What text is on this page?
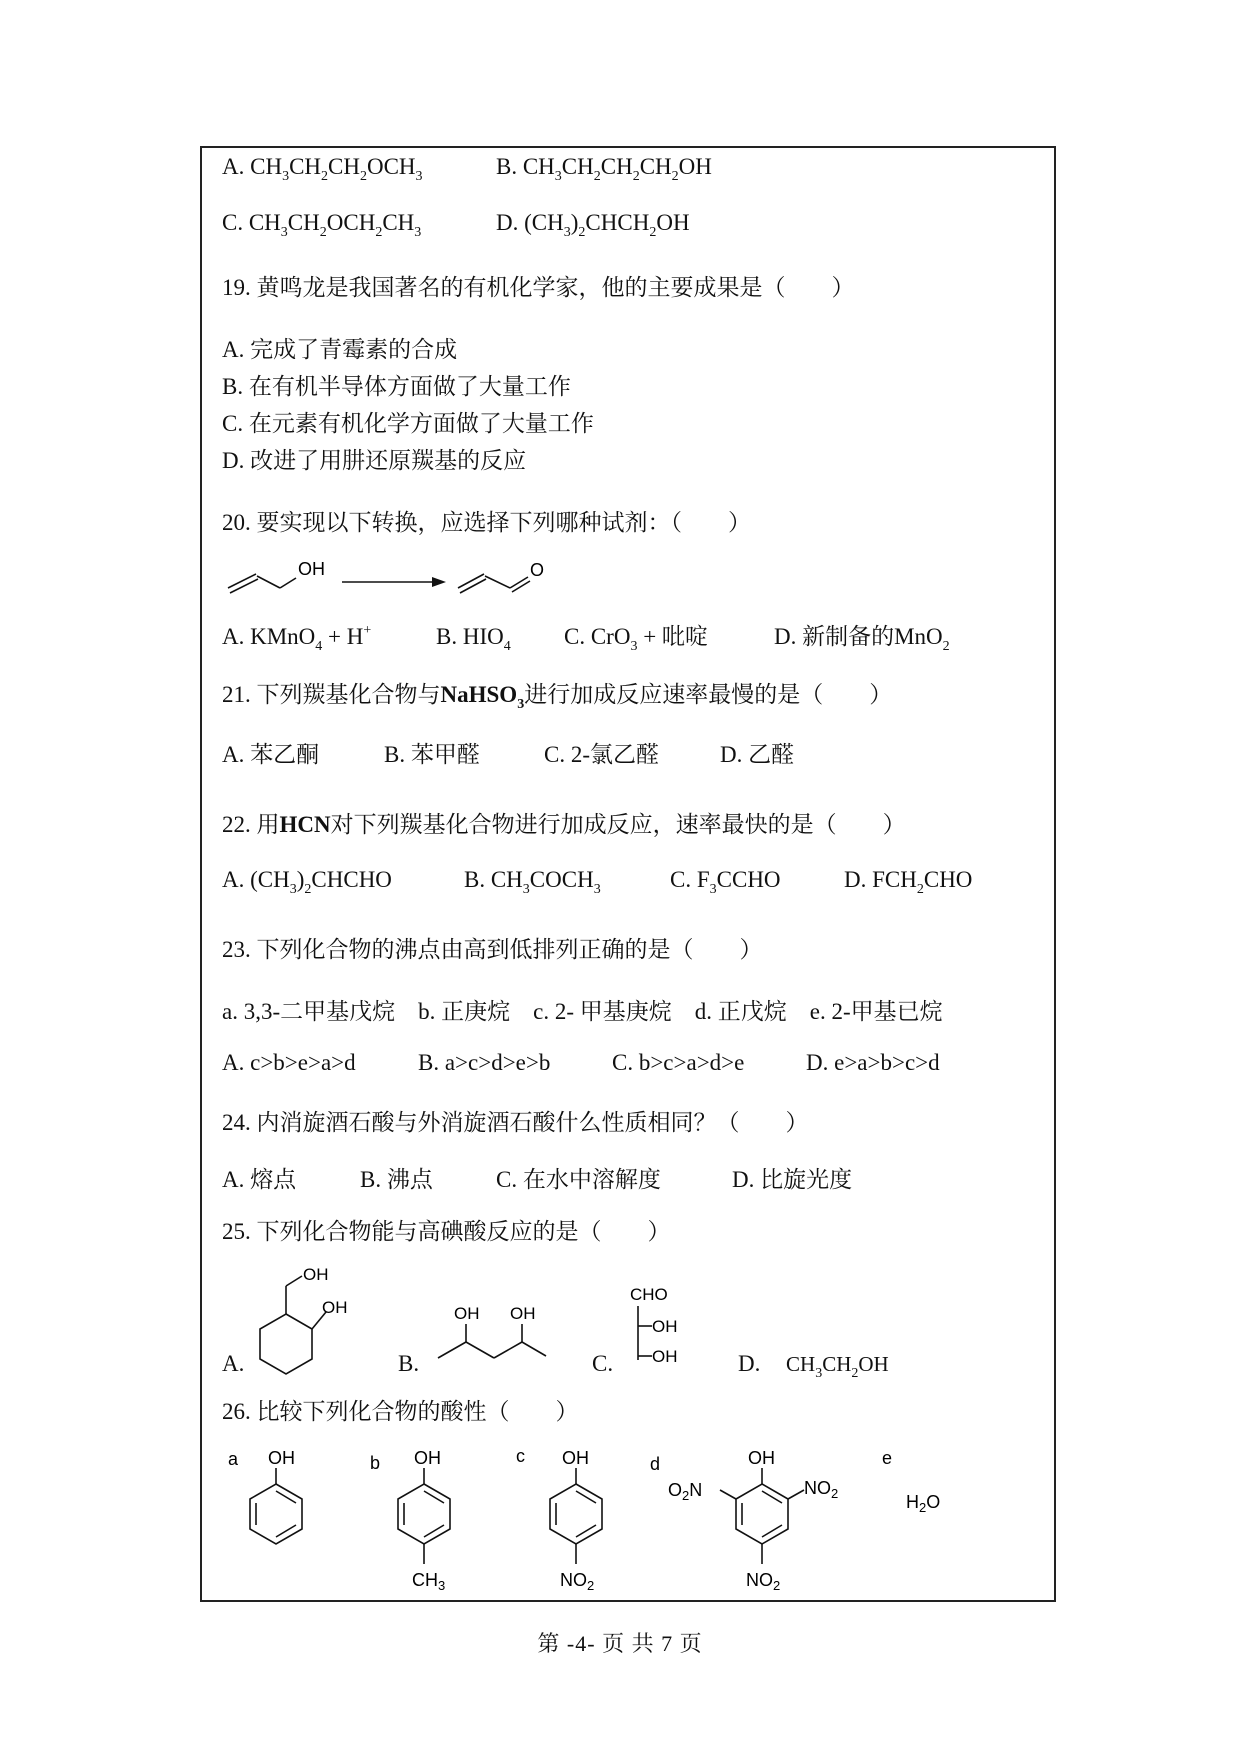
A. $CH_3CH_2CH_2OCH_3$	B. $CH_3CH_2CH_2CH_2OH$
C. $CH_3CH_2OCH_2CH_3$	D. $(CH_3)_2CHCH_2OH$
19. 黄鸣龙是我国著名的有机化学家，他的主要成果是（　　）
A. 完成了青霉素的合成
B. 在有机半导体方面做了大量工作
C. 在元素有机化学方面做了大量工作
D. 改进了用肼还原羰基的反应
20. 要实现以下转换，应选择下列哪种试剂：（　　）
OH	O
A. KMnO$_4$ + H+	B. $HIO_4$ C. CrO$_3$ + 吡啶	D. 新制备的MnO$_2$
21. 下列羰基化合物与NaHSO$_3$进行加成反应速率最慢的是（　　）
A. 苯乙酮	B. 苯甲醛	C. 2-氯乙醛	D. 乙醛
22. 用HCN对下列羰基化合物进行加成反应，速率最快的是（　　）
A. $(CH_3)_2CHCHO$	B. $CH_3COCH_3$	C. $F_3CCHO$	D. $FCH_2CHO$
23. 下列化合物的沸点由高到低排列正确的是（　　）
a. 3,3-二甲基戊烷　b. 正庚烷　c. 2- 甲基庚烷　d. 正戊烷　e. 2-甲基已烷
A. c>b>e>a>d	B. a>c>d>e>b	C. b>c>a>d>e	D. e>a>b>c>d
24. 内消旋酒石酸与外消旋酒石酸什么性质相同？（　　）
A. 熔点	B. 沸点	C. 在水中溶解度	D. 比旋光度
25. 下列化合物能与高碘酸反应的是（　　）
A.
OH
OH
B.
OH OH
C.
CHO
OH
OH	D. $CH_3CH_2OH$
26. 比较下列化合物的酸性（　　）
a OH	b OH
$CH_3$
c OH
$NO_2$
d	OH
$O_2N$	$NO_2$
$NO_2$
e
$H_2O$
第 -4- 页 共 7 页
